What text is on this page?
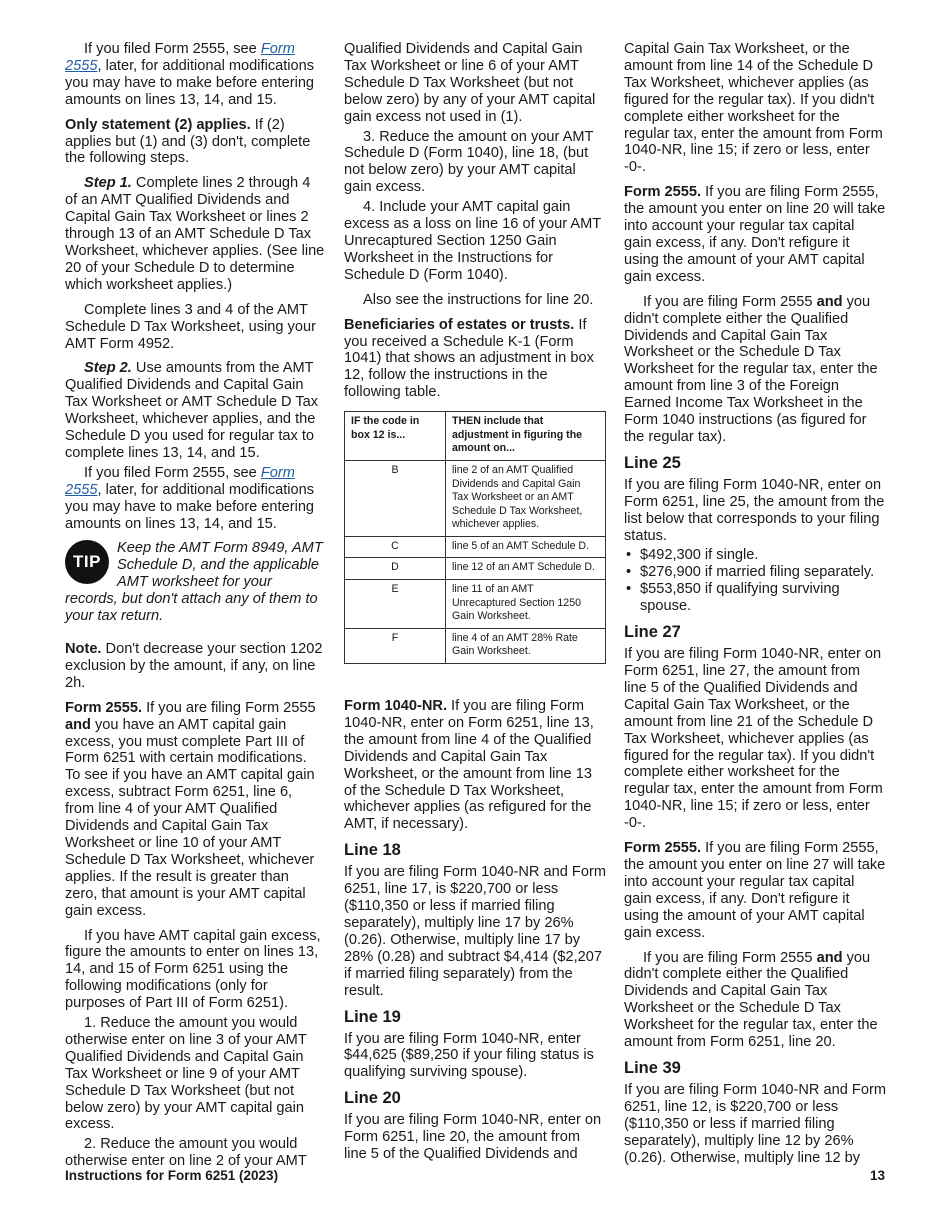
If you filed Form 2555, see Form 2555, later, for additional modifications you may have to make before entering amounts on lines 13, 14, and 15.

Only statement (2) applies. If (2) applies but (1) and (3) don't, complete the following steps.

Step 1. Complete lines 2 through 4 of an AMT Qualified Dividends and Capital Gain Tax Worksheet or lines 2 through 13 of an AMT Schedule D Tax Worksheet, whichever applies. (See line 20 of your Schedule D to determine which worksheet applies.)

Complete lines 3 and 4 of the AMT Schedule D Tax Worksheet, using your AMT Form 4952.

Step 2. Use amounts from the AMT Qualified Dividends and Capital Gain Tax Worksheet or AMT Schedule D Tax Worksheet, whichever applies, and the Schedule D you used for regular tax to complete lines 13, 14, and 15.

If you filed Form 2555, see Form 2555, later, for additional modifications you may have to make before entering amounts on lines 13, 14, and 15.

TIP
Keep the AMT Form 8949, AMT Schedule D, and the applicable AMT worksheet for your records, but don't attach any of them to your tax return.

Note. Don't decrease your section 1202 exclusion by the amount, if any, on line 2h.

Form 2555. If you are filing Form 2555 and you have an AMT capital gain excess, you must complete Part III of Form 6251 with certain modifications. To see if you have an AMT capital gain excess, subtract Form 6251, line 6, from line 4 of your AMT Qualified Dividends and Capital Gain Tax Worksheet or line 10 of your AMT Schedule D Tax Worksheet, whichever applies. If the result is greater than zero, that amount is your AMT capital gain excess.

If you have AMT capital gain excess, figure the amounts to enter on lines 13, 14, and 15 of Form 6251 using the following modifications (only for purposes of Part III of Form 6251).

1. Reduce the amount you would otherwise enter on line 3 of your AMT Qualified Dividends and Capital Gain Tax Worksheet or line 9 of your AMT Schedule D Tax Worksheet (but not below zero) by your AMT capital gain excess.

2. Reduce the amount you would otherwise enter on line 2 of your AMT

Qualified Dividends and Capital Gain Tax Worksheet or line 6 of your AMT Schedule D Tax Worksheet (but not below zero) by any of your AMT capital gain excess not used in (1).

3. Reduce the amount on your AMT Schedule D (Form 1040), line 18, (but not below zero) by your AMT capital gain excess.

4. Include your AMT capital gain excess as a loss on line 16 of your AMT Unrecaptured Section 1250 Gain Worksheet in the Instructions for Schedule D (Form 1040).

Also see the instructions for line 20.

Beneficiaries of estates or trusts. If you received a Schedule K-1 (Form 1041) that shows an adjustment in box 12, follow the instructions in the following table.

IF the code in box 12 is...	THEN include that adjustment in figuring the amount on...
B	line 2 of an AMT Qualified Dividends and Capital Gain Tax Worksheet or an AMT Schedule D Tax Worksheet, whichever applies.
C	line 5 of an AMT Schedule D.
D	line 12 of an AMT Schedule D.
E	line 11 of an AMT Unrecaptured Section 1250 Gain Worksheet.
F	line 4 of an AMT 28% Rate Gain Worksheet.

Form 1040-NR. If you are filing Form 1040-NR, enter on Form 6251, line 13, the amount from line 4 of the Qualified Dividends and Capital Gain Tax Worksheet, or the amount from line 13 of the Schedule D Tax Worksheet, whichever applies (as refigured for the AMT, if necessary).

Line 18

If you are filing Form 1040-NR and Form 6251, line 17, is $220,700 or less ($110,350 or less if married filing separately), multiply line 17 by 26% (0.26). Otherwise, multiply line 17 by 28% (0.28) and subtract $4,414 ($2,207 if married filing separately) from the result.

Line 19

If you are filing Form 1040-NR, enter $44,625 ($89,250 if your filing status is qualifying surviving spouse).

Line 20

If you are filing Form 1040-NR, enter on Form 6251, line 20, the amount from line 5 of the Qualified Dividends and

Capital Gain Tax Worksheet, or the amount from line 14 of the Schedule D Tax Worksheet, whichever applies (as figured for the regular tax). If you didn't complete either worksheet for the regular tax, enter the amount from Form 1040-NR, line 15; if zero or less, enter -0-.

Form 2555. If you are filing Form 2555, the amount you enter on line 20 will take into account your regular tax capital gain excess, if any. Don't refigure it using the amount of your AMT capital gain excess.

If you are filing Form 2555 and you didn't complete either the Qualified Dividends and Capital Gain Tax Worksheet or the Schedule D Tax Worksheet for the regular tax, enter the amount from line 3 of the Foreign Earned Income Tax Worksheet in the Form 1040 instructions (as figured for the regular tax).

Line 25

If you are filing Form 1040-NR, enter on Form 6251, line 25, the amount from the list below that corresponds to your filing status.

• $492,300 if single.
• $276,900 if married filing separately.
• $553,850 if qualifying surviving spouse.
Line 27

If you are filing Form 1040-NR, enter on Form 6251, line 27, the amount from line 5 of the Qualified Dividends and Capital Gain Tax Worksheet, or the amount from line 21 of the Schedule D Tax Worksheet, whichever applies (as figured for the regular tax). If you didn't complete either worksheet for the regular tax, enter the amount from Form 1040-NR, line 15; if zero or less, enter -0-.

Form 2555. If you are filing Form 2555, the amount you enter on line 27 will take into account your regular tax capital gain excess, if any. Don't refigure it using the amount of your AMT capital gain excess.

If you are filing Form 2555 and you didn't complete either the Qualified Dividends and Capital Gain Tax Worksheet or the Schedule D Tax Worksheet for the regular tax, enter the amount from Form 6251, line 20.

Line 39

If you are filing Form 1040-NR and Form 6251, line 12, is $220,700 or less ($110,350 or less if married filing separately), multiply line 12 by 26% (0.26). Otherwise, multiply line 12 by

Instructions for Form 6251 (2023)	13
